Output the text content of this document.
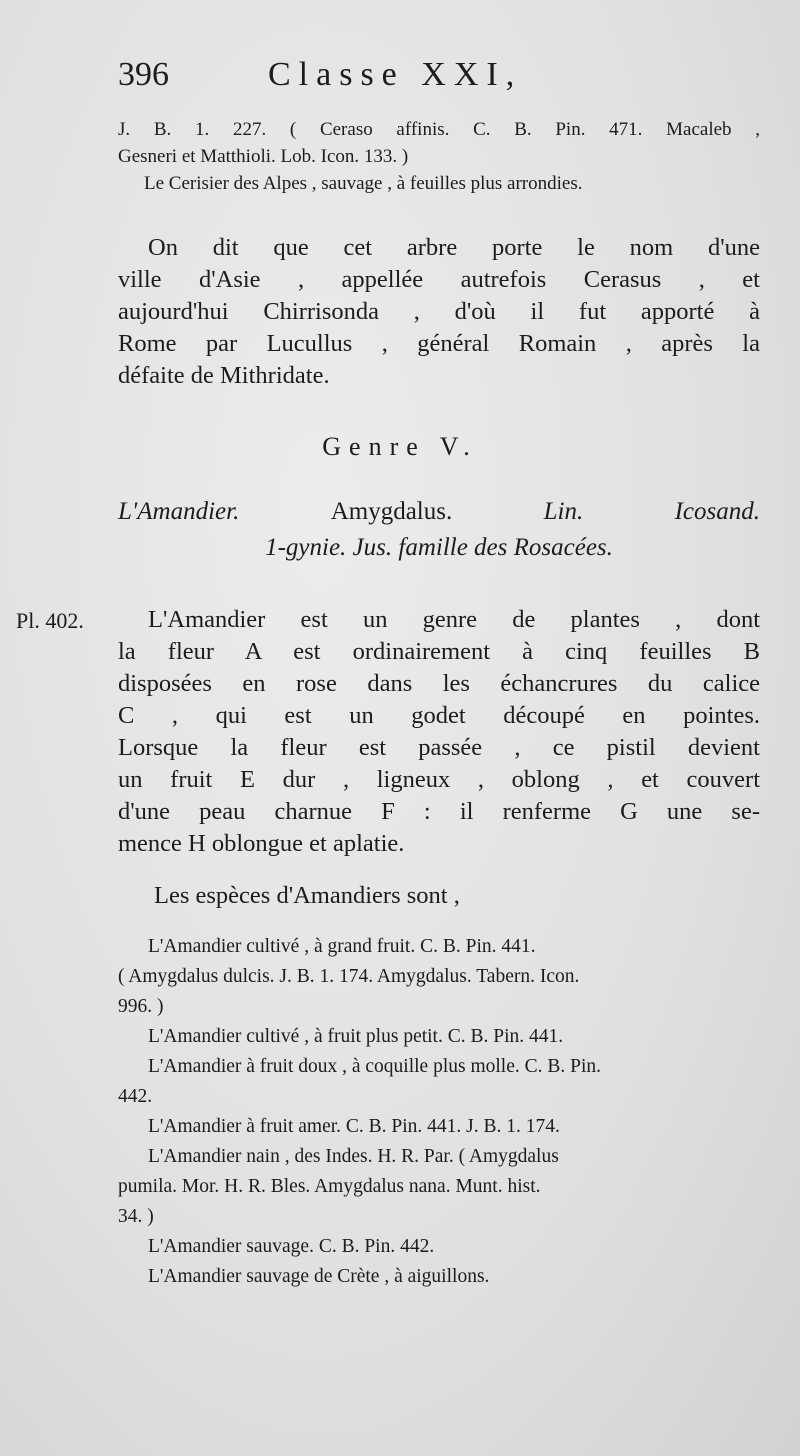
396	Classe XXI,
J. B. 1. 227. ( Ceraso affinis. C. B. Pin. 471. Macaleb ,
Gesneri et Matthioli. Lob. Icon. 133. )
Le Cerisier des Alpes , sauvage , à feuilles plus arrondies.
On dit que cet arbre porte le nom d'une
ville d'Asie , appellée autrefois Cerasus , et
aujourd'hui Chirrisonda , d'où il fut apporté à
Rome par Lucullus , général Romain , après la
défaite de Mithridate.
Genre V.
L'Amandier.	Amygdalus.	Lin.	Icosand.
1-gynie. Jus. famille des Rosacées.
Pl. 402.	L'Amandier est un genre de plantes , dont
la fleur A est ordinairement à cinq feuilles B
disposées en rose dans les échancrures du calice
C , qui est un godet découpé en pointes.
Lorsque la fleur est passée , ce pistil devient
un fruit E dur , ligneux , oblong , et couvert
d'une peau charnue F : il renferme G une se-
mence H oblongue et aplatie.
Les espèces d'Amandiers sont ,
L'Amandier cultivé , à grand fruit. C. B. Pin. 441.
( Amygdalus dulcis. J. B. 1. 174. Amygdalus. Tabern. Icon.
996. )
L'Amandier cultivé , à fruit plus petit. C. B. Pin. 441.
L'Amandier à fruit doux , à coquille plus molle. C. B. Pin.
442.
L'Amandier à fruit amer. C. B. Pin. 441. J. B. 1. 174.
L'Amandier nain , des Indes. H. R. Par. ( Amygdalus
pumila. Mor. H. R. Bles. Amygdalus nana. Munt. hist.
34. )
L'Amandier sauvage. C. B. Pin. 442.
L'Amandier sauvage de Crète , à aiguillons.
